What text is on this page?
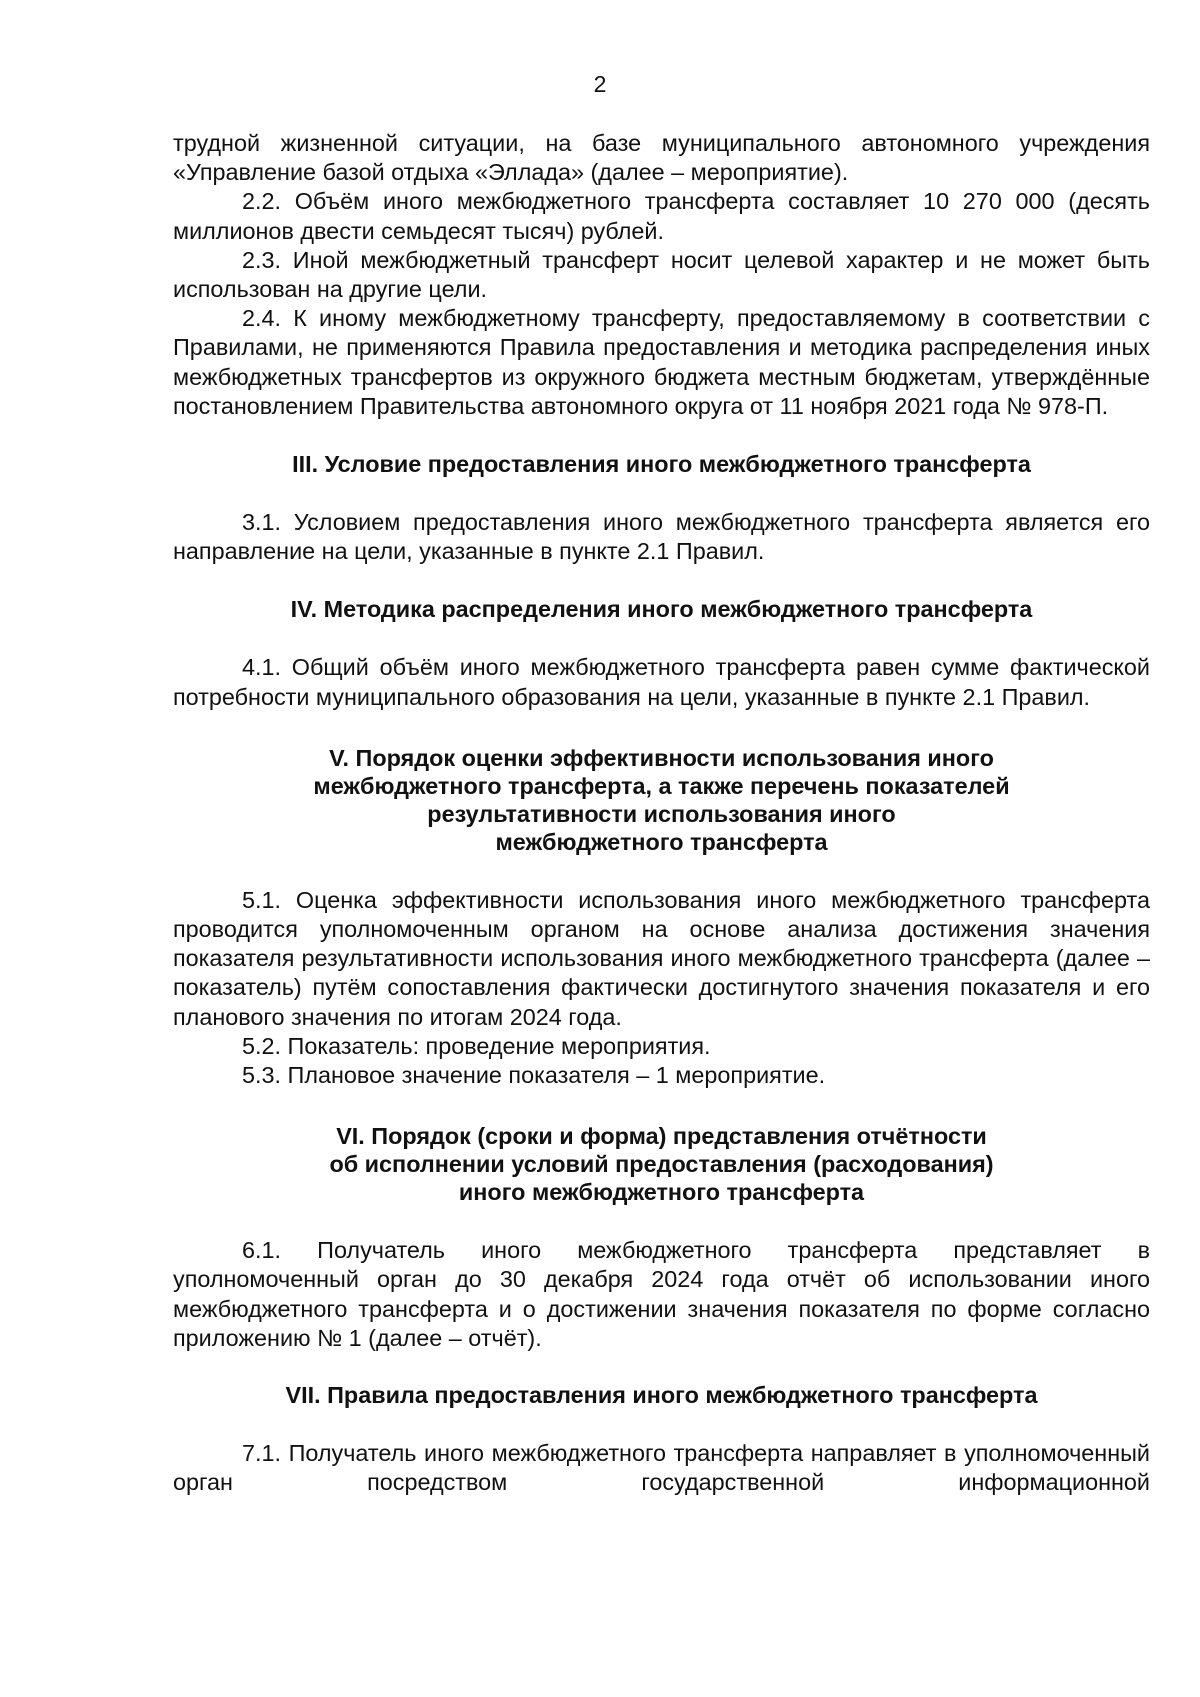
2

трудной жизненной ситуации, на базе муниципального автономного учреждения «Управление базой отдыха «Эллада» (далее – мероприятие).

2.2. Объём иного межбюджетного трансферта составляет 10 270 000 (десять миллионов двести семьдесят тысяч) рублей.

2.3. Иной межбюджетный трансферт носит целевой характер и не может быть использован на другие цели.

2.4. К иному межбюджетному трансферту, предоставляемому в соответствии с Правилами, не применяются Правила предоставления и методика распределения иных межбюджетных трансфертов из окружного бюджета местным бюджетам, утверждённые постановлением Правительства автономного округа от 11 ноября 2021 года № 978-П.

III. Условие предоставления иного межбюджетного трансферта

3.1. Условием предоставления иного межбюджетного трансферта является его направление на цели, указанные в пункте 2.1 Правил.

IV. Методика распределения иного межбюджетного трансферта

4.1. Общий объём иного межбюджетного трансферта равен сумме фактической потребности муниципального образования на цели, указанные в пункте 2.1 Правил.

V. Порядок оценки эффективности использования иного
межбюджетного трансферта, а также перечень показателей
результативности использования иного
межбюджетного трансферта

5.1. Оценка эффективности использования иного межбюджетного трансферта проводится уполномоченным органом на основе анализа достижения значения показателя результативности использования иного межбюджетного трансферта (далее – показатель) путём сопоставления фактически достигнутого значения показателя и его планового значения по итогам 2024 года.

5.2. Показатель: проведение мероприятия.

5.3. Плановое значение показателя – 1 мероприятие.

VI. Порядок (сроки и форма) представления отчётности
об исполнении условий предоставления (расходования)
иного межбюджетного трансферта

6.1. Получатель иного межбюджетного трансферта представляет в уполномоченный орган до 30 декабря 2024 года отчёт об использовании иного межбюджетного трансферта и о достижении значения показателя по форме согласно приложению № 1 (далее – отчёт).

VII. Правила предоставления иного межбюджетного трансферта

7.1. Получатель иного межбюджетного трансферта направляет в уполномоченный орган посредством государственной информационной
